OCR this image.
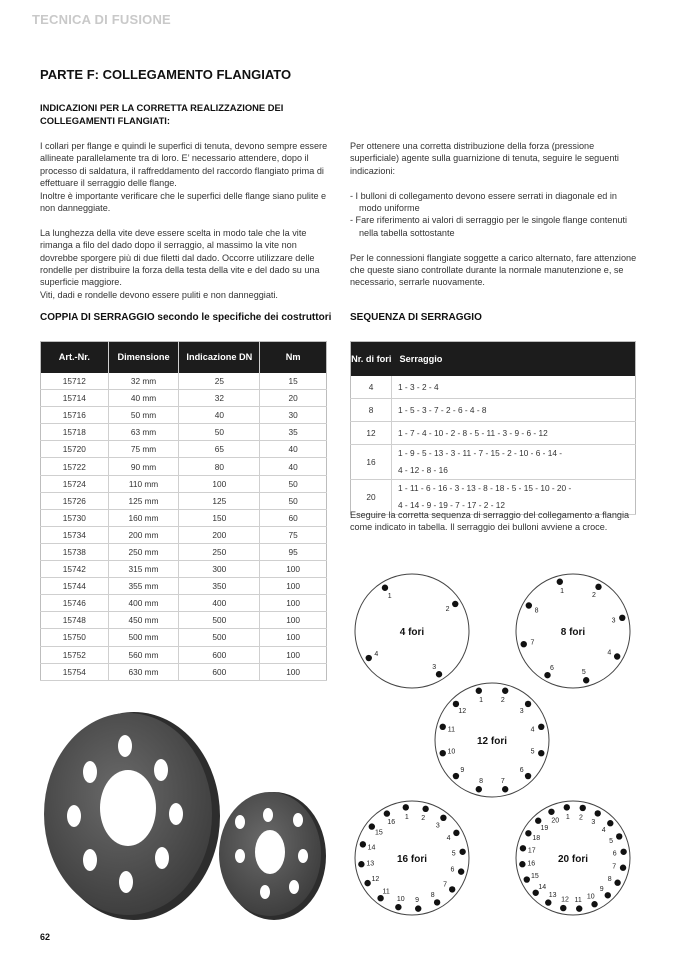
TECNICA DI FUSIONE
PARTE F: COLLEGAMENTO FLANGIATO
INDICAZIONI PER LA CORRETTA REALIZZAZIONE DEI COLLEGAMENTI FLANGIATI:

I collari per flange e quindi le superfici di tenuta, devono sempre essere allineate parallelamente tra di loro. E’ necessario attendere, dopo il processo di saldatura, il raffreddamento del raccordo flangiato prima di effettuare il serraggio delle flange.
Inoltre è importante verificare che le superfici delle flange siano pulite e non danneggiate.

La lunghezza della vite deve essere scelta in modo tale che la vite rimanga a filo del dado dopo il serraggio, al massimo la vite non dovrebbe sporgere più di due filetti dal dado. Occorre utilizzare delle rondelle per distribuire la forza della testa della vite e del dado su una superficie maggiore.
Viti, dadi e rondelle devono essere puliti e non danneggiati.

Per ottenere una corretta distribuzione della forza (pressione superficiale) agente sulla guarnizione di tenuta, seguire le seguenti indicazioni:

- I bulloni di collegamento devono essere serrati in diagonale ed in modo uniforme
- Fare riferimento ai valori di serraggio per le singole flange contenuti nella tabella sottostante

Per le connessioni flangiate soggette a carico alternato, fare attenzione che queste siano controllate durante la normale manutenzione e, se necessario, serrarle nuovamente.

COPPIA DI SERRAGGIO secondo le specifiche dei costruttori
Art.-Nr.	Dimensione	Indicazione DN	Nm
15712	32 mm	25	15
15714	40 mm	32	20
15716	50 mm	40	30
15718	63 mm	50	35
15720	75 mm	65	40
15722	90 mm	80	40
15724	110 mm	100	50
15726	125 mm	125	50
15730	160 mm	150	60
15734	200 mm	200	75
15738	250 mm	250	95
15742	315 mm	300	100
15744	355 mm	350	100
15746	400 mm	400	100
15748	450 mm	500	100
15750	500 mm	500	100
15752	560 mm	600	100
15754	630 mm	600	100
SEQUENZA DI SERRAGGIO
Nr. di fori	Serraggio
4	1 - 3 - 2 - 4

8	1 - 5 - 3 - 7 - 2 - 6 - 4 - 8

12	1 - 7 - 4 - 10 - 2 - 8 - 5 - 11 - 3 - 9 - 6 - 12

16	1 - 9 - 5 - 13 - 3 - 11 - 7 - 15 - 2 - 10 - 6 - 14 -
4 - 12 - 8 - 16

20	1 - 11 - 6 - 16 - 3 - 13 - 8 - 18 - 5 - 15 - 10 - 20 -
4 - 14 - 9 - 19 - 7 - 17 - 2 - 12
Eseguire la corretta sequenza di serraggio del collegamento a flangia come indicato in tabella. Il serraggio dei bulloni avviene a croce.
1
2
3
4
4 fori
1
2
3
4
5
6
7
8
8 fori
1	2
3
4
5
6
7
8
9
10
11
12
12 fori
1 2
3
4
5
6
7
8
9
10
11
12
13
14
15
16
16 fori
1 2
3
4
5
6
7
8
9
10
11
12
13
14
15
16
17
18
19
20
20 fori
62
